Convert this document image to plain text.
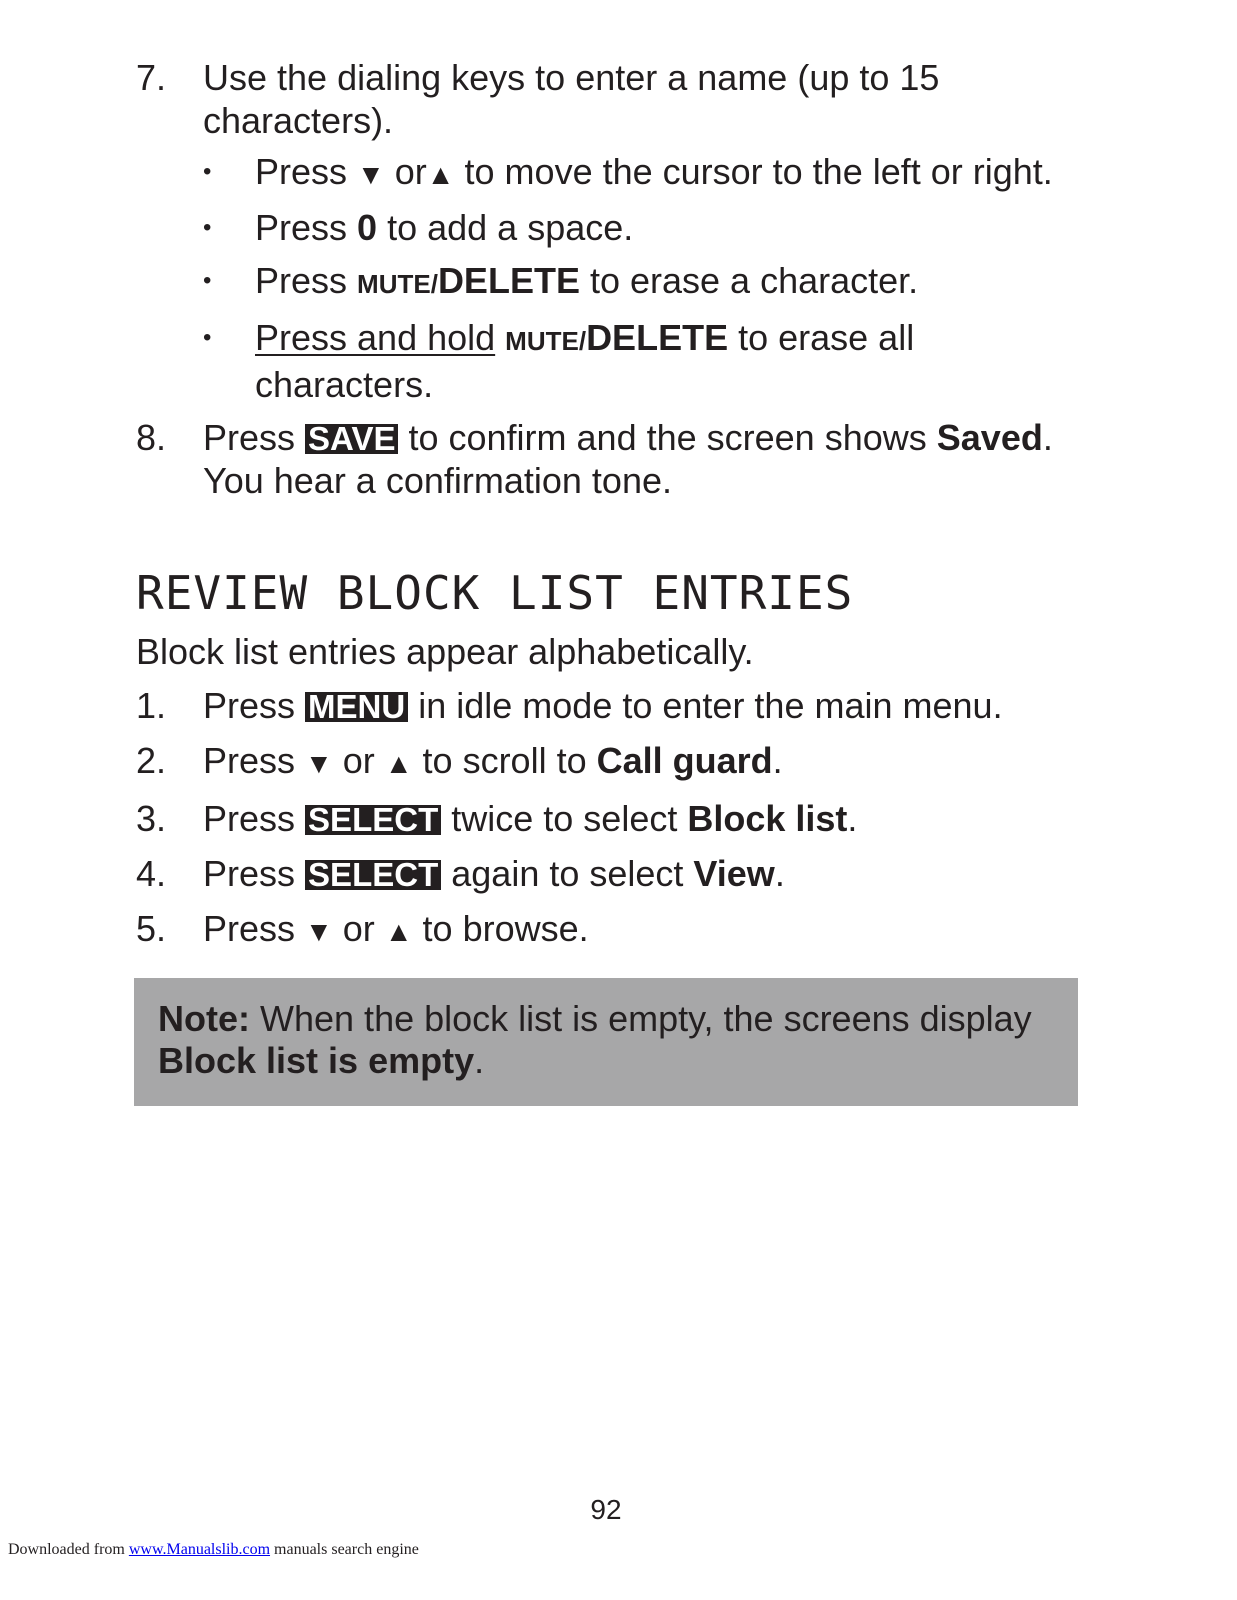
7. Use the dialing keys to enter a name (up to 15
characters).
• Press ▼ or▲ to move the cursor to the left or right.
• Press 0 to add a space.
• Press MUTE/DELETE to erase a character.
• Press and hold MUTE/DELETE to erase all
characters.
8. Press SAVE to confirm and the screen shows Saved.
You hear a confirmation tone.
REVIEW BLOCK LIST ENTRIES
Block list entries appear alphabetically.
1. Press MENU in idle mode to enter the main menu.
2. Press ▼ or ▲ to scroll to Call guard.
3. Press SELECT twice to select Block list.
4. Press SELECT again to select View.
5. Press ▼ or ▲ to browse.
Note: When the block list is empty, the screens display
Block list is empty.
92
Downloaded from www.Manualslib.com manuals search engine
